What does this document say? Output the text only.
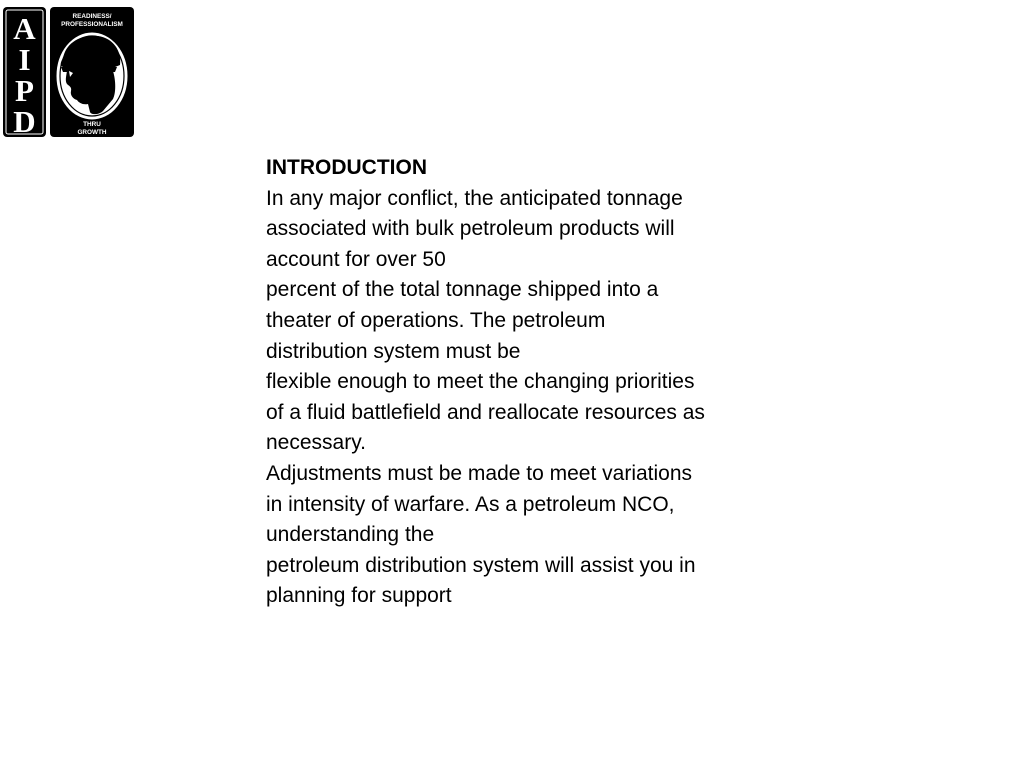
A
I
P
D
READINESS/
PROFESSIONALISM
THRU
GROWTH
INTRODUCTION
In any major conflict, the anticipated tonnage
associated with bulk petroleum products will
account for over 50
percent of the total tonnage shipped into a
theater of operations. The petroleum
distribution system must be
flexible enough to meet the changing priorities
of a fluid battlefield and reallocate resources as
necessary.
Adjustments must be made to meet variations
in intensity of warfare. As a petroleum NCO,
understanding the
petroleum distribution system will assist you in
planning for support
